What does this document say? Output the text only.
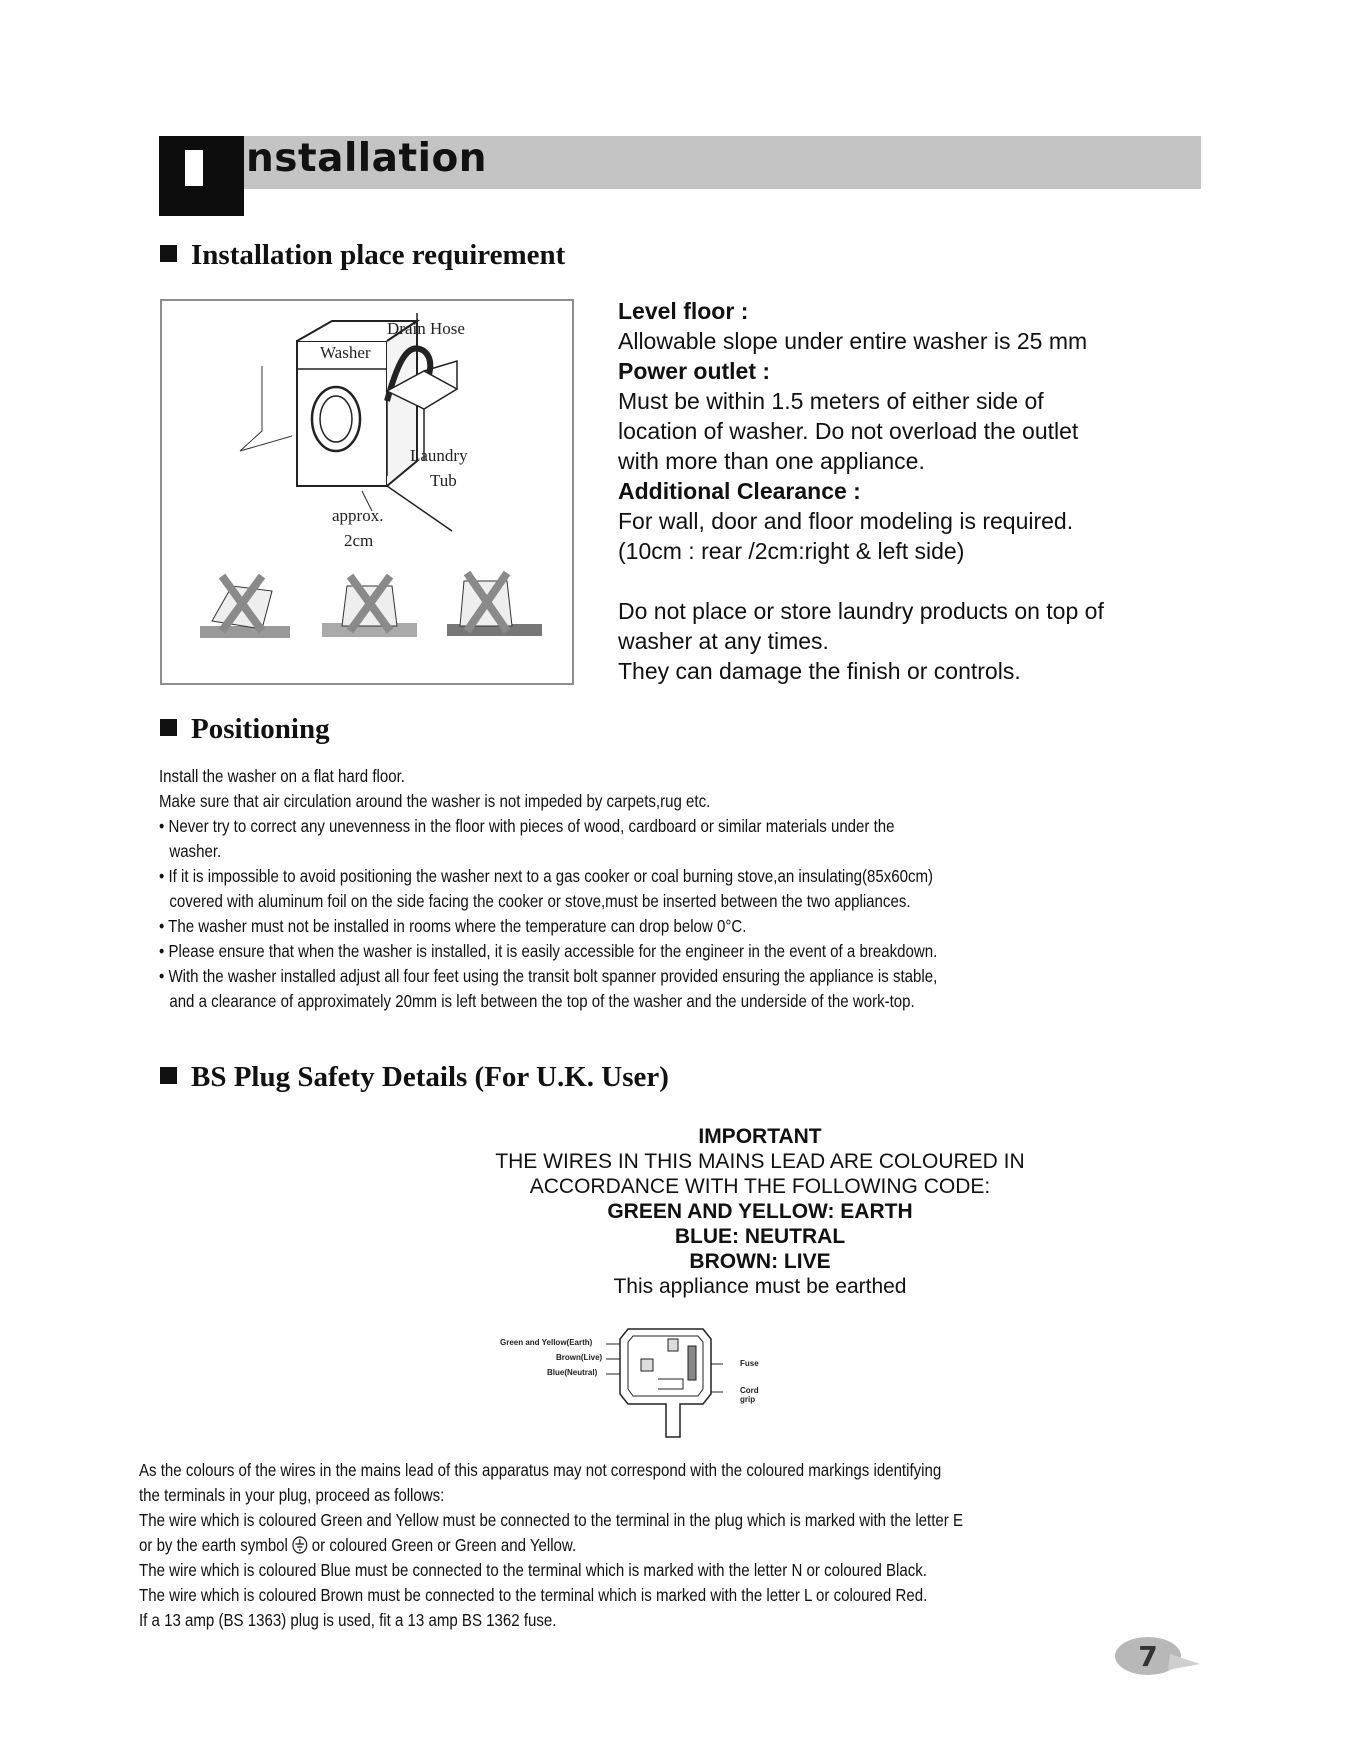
nstallation
Installation place requirement
Drain Hose
Washer
Laundry
Tub
approx.
2cm
Level floor :
Allowable slope under entire washer is 25 mm
Power outlet :
Must be within 1.5 meters of either side of
location of washer. Do not overload the outlet
with more than one appliance.
Additional Clearance :
For wall, door and floor modeling is required.
(10cm : rear /2cm:right & left side)
Do not place or store laundry products on top of
washer at any times.
They can damage the finish or controls.
Positioning
Install the washer on a flat hard floor.
Make sure that air circulation around the washer is not impeded by carpets,rug etc.
• Never try to correct any unevenness in the floor with pieces of wood, cardboard or similar materials under the
washer.
• If it is impossible to avoid positioning the washer next to a gas cooker or coal burning stove,an insulating(85x60cm)
covered with aluminum foil on the side facing the cooker or stove,must be inserted between the two appliances.
• The washer must not be installed in rooms where the temperature can drop below 0°C.
• Please ensure that when the washer is installed, it is easily accessible for the engineer in the event of a breakdown.
• With the washer installed adjust all four feet using the transit bolt spanner provided ensuring the appliance is stable,
and a clearance of approximately 20mm is left between the top of the washer and the underside of the work-top.
BS Plug Safety Details (For U.K. User)
IMPORTANT
THE WIRES IN THIS MAINS LEAD ARE COLOURED IN
ACCORDANCE WITH THE FOLLOWING CODE:
GREEN AND YELLOW: EARTH
BLUE: NEUTRAL
BROWN: LIVE
This appliance must be earthed
Green and Yellow(Earth)
Brown(Live)
Blue(Neutral)
Fuse
Cord
grip
As the colours of the wires in the mains lead of this apparatus may not correspond with the coloured markings identifying
the terminals in your plug, proceed as follows:
The wire which is coloured Green and Yellow must be connected to the terminal in the plug which is marked with the letter E
or by the earth symbol or coloured Green or Green and Yellow.
The wire which is coloured Blue must be connected to the terminal which is marked with the letter N or coloured Black.
The wire which is coloured Brown must be connected to the terminal which is marked with the letter L or coloured Red.
If a 13 amp (BS 1363) plug is used, fit a 13 amp BS 1362 fuse.
7
